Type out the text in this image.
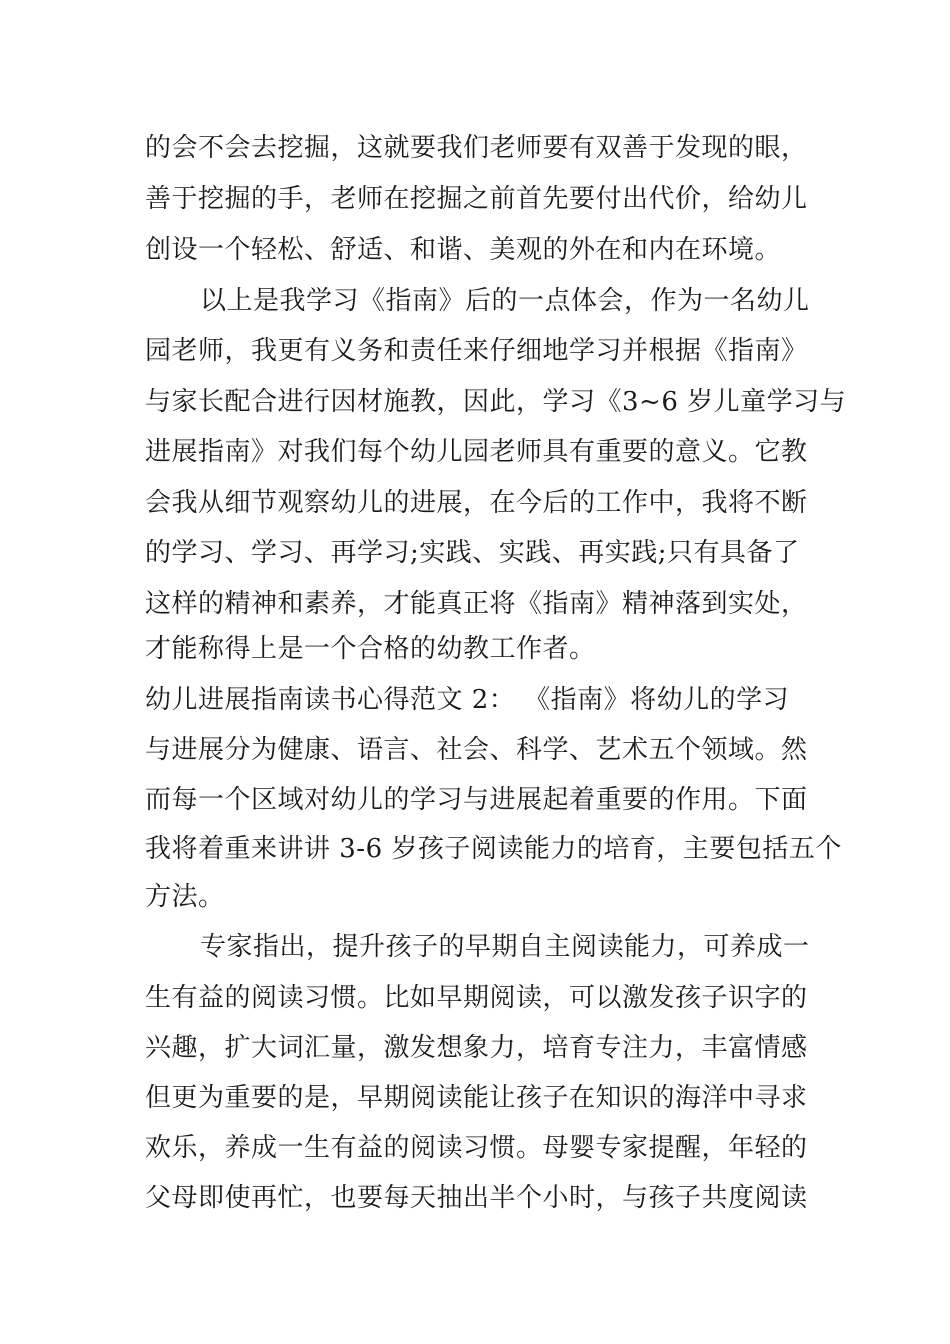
的会不会去挖掘，这就要我们老师要有双善于发现的眼，
善于挖掘的手，老师在挖掘之前首先要付出代价，给幼儿
创设一个轻松、舒适、和谐、美观的外在和内在环境。
以上是我学习《指南》后的一点体会，作为一名幼儿
园老师，我更有义务和责任来仔细地学习并根据《指南》
与家长配合进行因材施教，因此，学习《3~6 岁儿童学习与
进展指南》对我们每个幼儿园老师具有重要的意义。它教
会我从细节观察幼儿的进展，在今后的工作中，我将不断
的学习、学习、再学习;实践、实践、再实践;只有具备了
这样的精神和素养，才能真正将《指南》精神落到实处，
才能称得上是一个合格的幼教工作者。
幼儿进展指南读书心得范文 2： 《指南》将幼儿的学习
与进展分为健康、语言、社会、科学、艺术五个领域。然
而每一个区域对幼儿的学习与进展起着重要的作用。下面
我将着重来讲讲 3-6 岁孩子阅读能力的培育，主要包括五个
方法。
专家指出，提升孩子的早期自主阅读能力，可养成一
生有益的阅读习惯。比如早期阅读，可以激发孩子识字的
兴趣，扩大词汇量，激发想象力，培育专注力，丰富情感
但更为重要的是，早期阅读能让孩子在知识的海洋中寻求
欢乐，养成一生有益的阅读习惯。母婴专家提醒，年轻的
父母即使再忙，也要每天抽出半个小时，与孩子共度阅读
